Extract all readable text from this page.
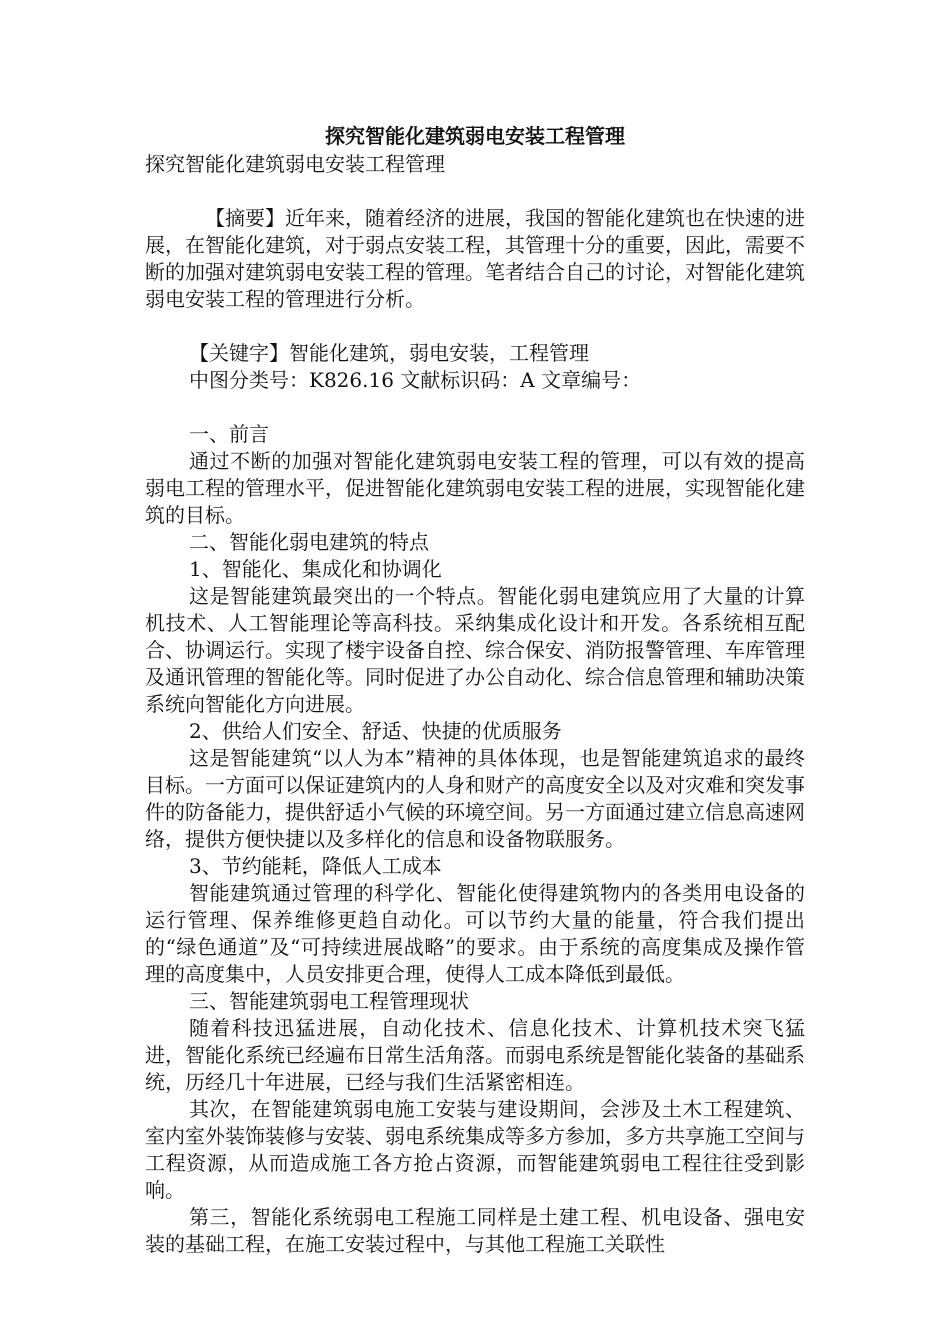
探究智能化建筑弱电安装工程管理
探究智能化建筑弱电安装工程管理

【摘要】近年来，随着经济的进展，我国的智能化建筑也在快速的进展，在智能化建筑，对于弱点安装工程，其管理十分的重要，因此，需要不断的加强对建筑弱电安装工程的管理。笔者结合自己的讨论，对智能化建筑弱电安装工程的管理进行分析。

【关键字】智能化建筑，弱电安装，工程管理

中图分类号：K826.16 文献标识码：A 文章编号：

一、前言

通过不断的加强对智能化建筑弱电安装工程的管理，可以有效的提高弱电工程的管理水平，促进智能化建筑弱电安装工程的进展，实现智能化建筑的目标。

二、智能化弱电建筑的特点

1、智能化、集成化和协调化

这是智能建筑最突出的一个特点。智能化弱电建筑应用了大量的计算机技术、人工智能理论等高科技。采纳集成化设计和开发。各系统相互配合、协调运行。实现了楼宇设备自控、综合保安、消防报警管理、车库管理及通讯管理的智能化等。同时促进了办公自动化、综合信息管理和辅助决策系统向智能化方向进展。

2、供给人们安全、舒适、快捷的优质服务

这是智能建筑“以人为本”精神的具体体现，也是智能建筑追求的最终目标。一方面可以保证建筑内的人身和财产的高度安全以及对灾难和突发事件的防备能力，提供舒适小气候的环境空间。另一方面通过建立信息高速网络，提供方便快捷以及多样化的信息和设备物联服务。

3、节约能耗，降低人工成本

智能建筑通过管理的科学化、智能化使得建筑物内的各类用电设备的运行管理、保养维修更趋自动化。可以节约大量的能量，符合我们提出的“绿色通道”及“可持续进展战略”的要求。由于系统的高度集成及操作管理的高度集中，人员安排更合理，使得人工成本降低到最低。

三、智能建筑弱电工程管理现状

随着科技迅猛进展，自动化技术、信息化技术、计算机技术突飞猛进，智能化系统已经遍布日常生活角落。而弱电系统是智能化装备的基础系统，历经几十年进展，已经与我们生活紧密相连。

其次，在智能建筑弱电施工安装与建设期间，会涉及土木工程建筑、室内室外装饰装修与安装、弱电系统集成等多方参加，多方共享施工空间与工程资源，从而造成施工各方抢占资源，而智能建筑弱电工程往往受到影响。

第三，智能化系统弱电工程施工同样是土建工程、机电设备、强电安装的基础工程，在施工安装过程中，与其他工程施工关联性
